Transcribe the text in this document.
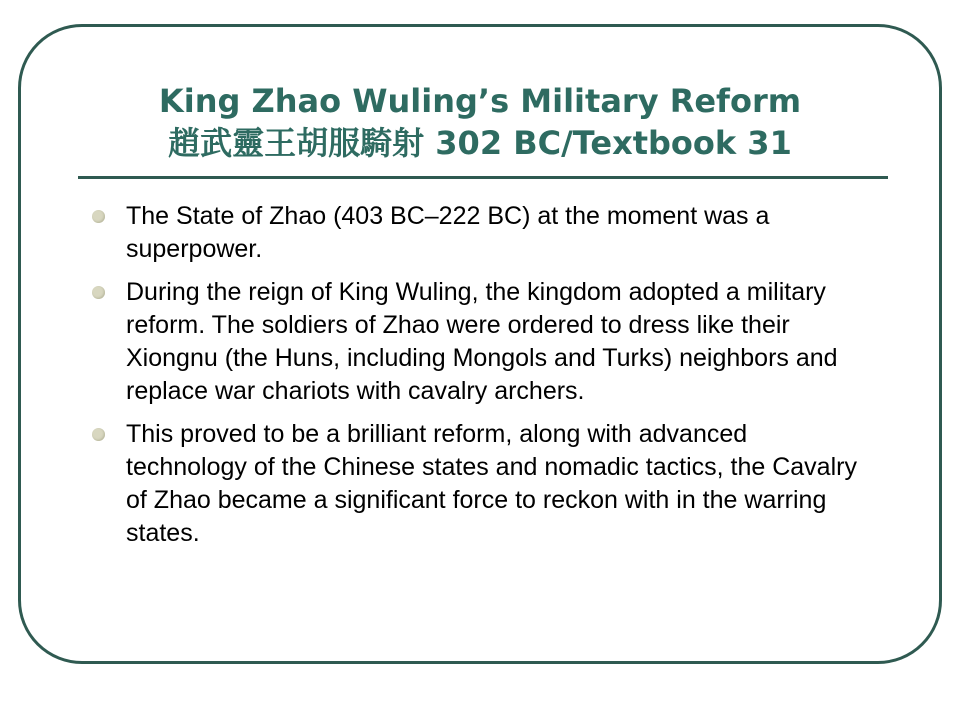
King Zhao Wuling’s Military Reform
趙武靈王胡服騎射 302 BC/Textbook 31
The State of Zhao (403 BC–222 BC) at the moment was a superpower.
During the reign of King Wuling, the kingdom adopted a military reform. The soldiers of Zhao were ordered to dress like their Xiongnu (the Huns, including Mongols and Turks) neighbors and replace war chariots with cavalry archers.
This proved to be a brilliant reform, along with advanced technology of the Chinese states and nomadic tactics, the Cavalry of Zhao became a significant force to reckon with in the warring states.
